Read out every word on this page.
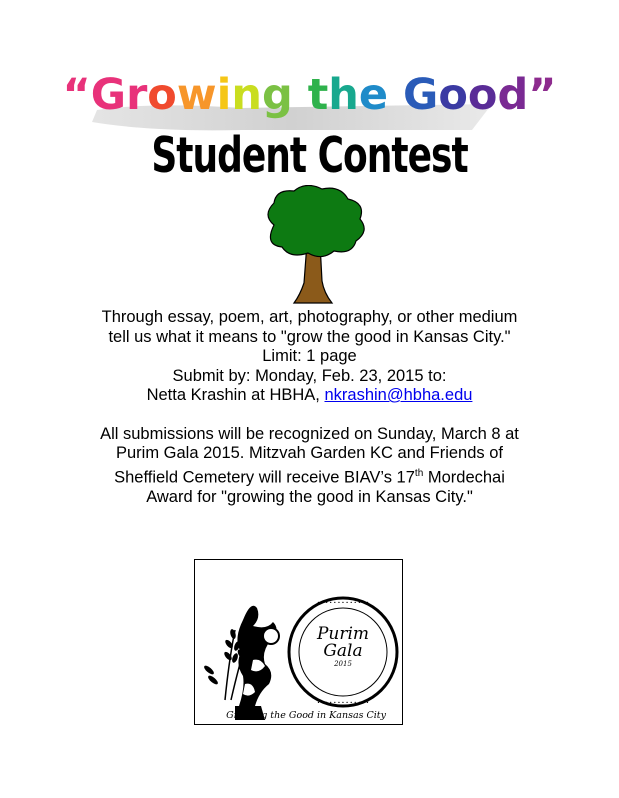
“Growing the Good”
Student Contest

Through essay, poem, art, photography, or other medium

tell us what it means to "grow the good in Kansas City."

Limit: 1 page

Submit by: Monday, Feb. 23, 2015 to:

Netta Krashin at HBHA, nkrashin@hbha.edu

All submissions will be recognized on Sunday, March 8 at

Purim Gala 2015. Mitzvah Garden KC and Friends of

Sheffield Cemetery will receive BIAV’s 17th Mordechai

Award for "growing the good in Kansas City."

• • • • • • • • • • • • •
• • • • • • • • • • • • •
Purim
Gala
2015
Growing the Good in Kansas City
